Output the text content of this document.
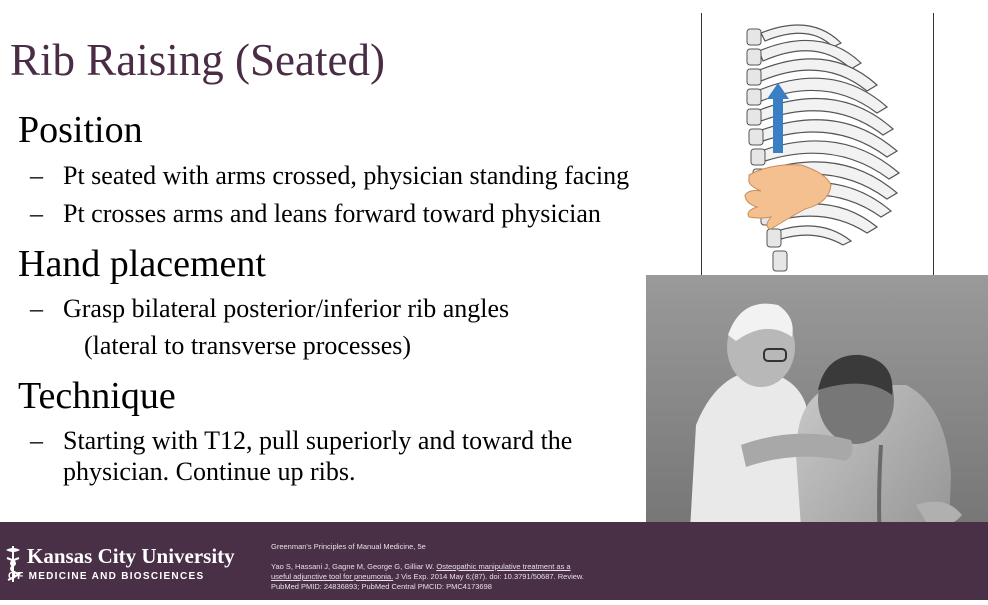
Rib Raising (Seated)
Position
– Pt seated with arms crossed, physician standing facing
– Pt crosses arms and leans forward toward physician
Hand placement
– Grasp bilateral posterior/inferior rib angles
(lateral to transverse processes)
Technique
– Starting with T12, pull superiorly and toward the
physician. Continue up ribs.
Kansas City University
OF MEDICINE AND BIOSCIENCES
Greenman's Principles of Manual Medicine, 5e
Yao S, Hassani J, Gagne M, George G, Gilliar W. Osteopathic manipulative treatment as a
useful adjunctive tool for pneumonia. J Vis Exp. 2014 May 6;(87). doi: 10.3791/50687. Review.
PubMed PMID: 24836893; PubMed Central PMCID: PMC4173698
